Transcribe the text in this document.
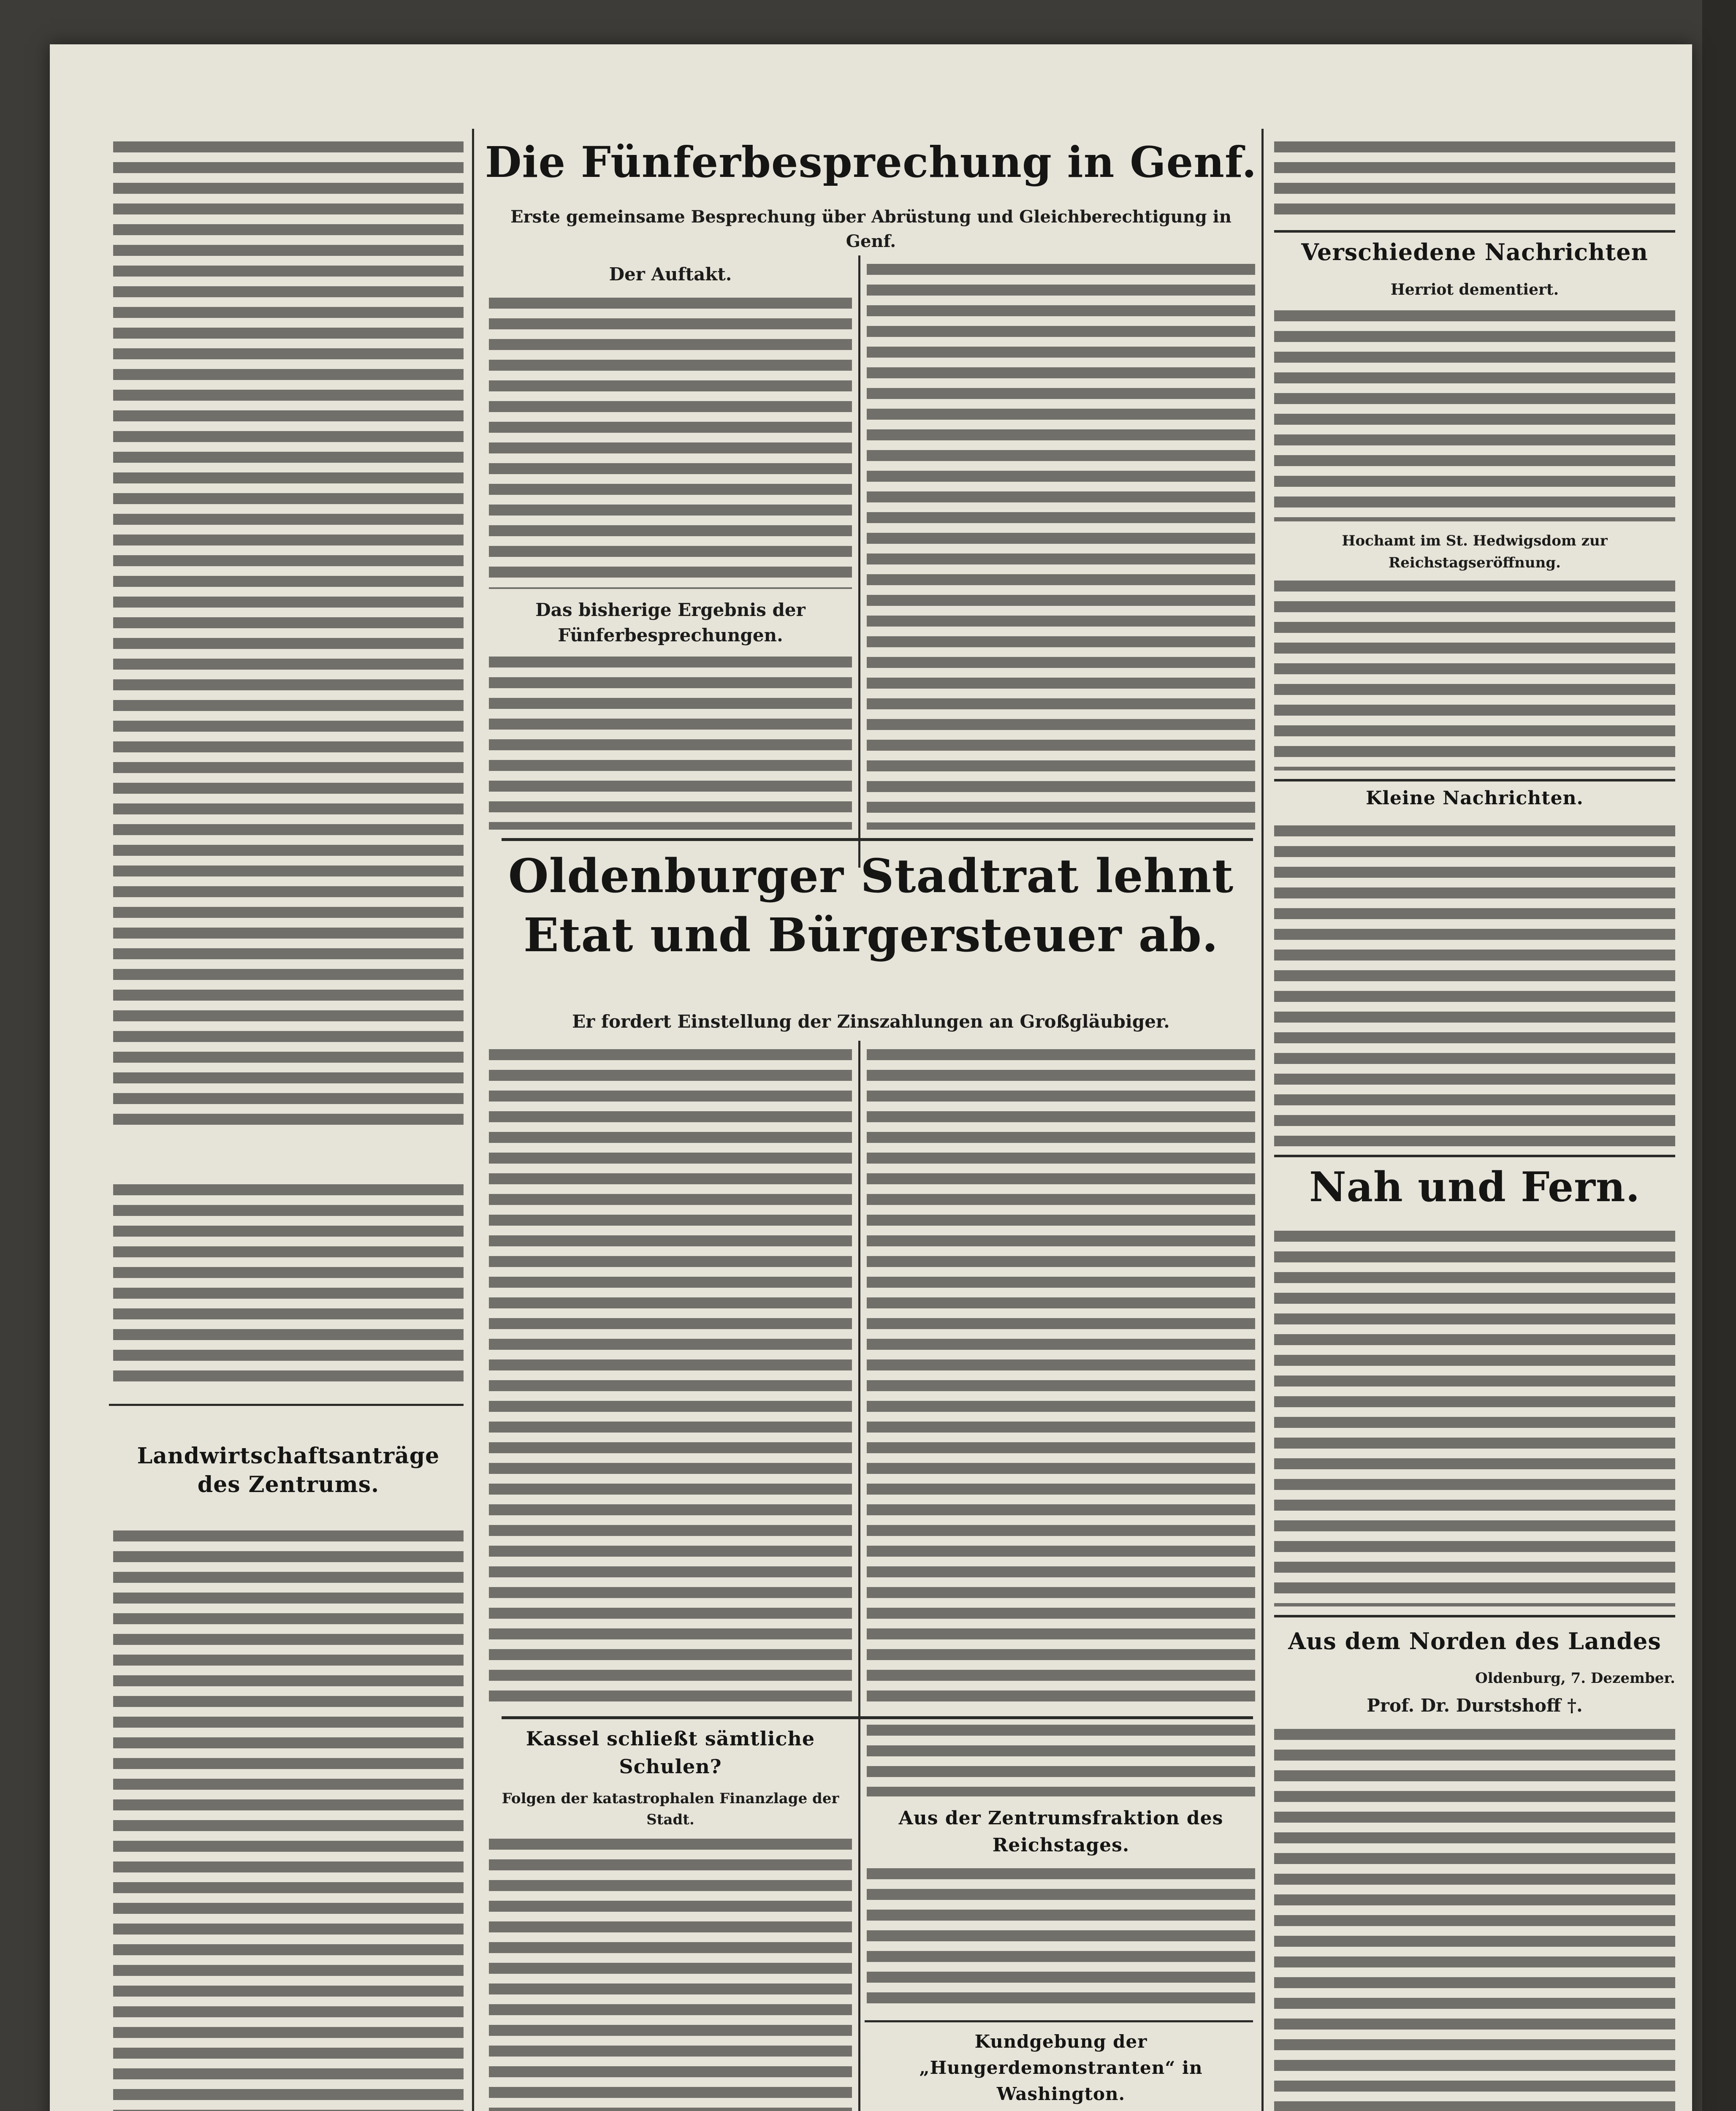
Landwirtschaftsanträge des Zentrums.
Die Fünferbesprechung in Genf.
Erste gemeinsame Besprechung über Abrüstung und Gleichberechtigung in Genf.
Der Auftakt.
Das bisherige Ergebnis der Fünferbesprechungen.
Oldenburger Stadtrat lehnt Etat und Bürgersteuer ab.
Er fordert Einstellung der Zinszahlungen an Großgläubiger.
Kassel schließt sämtliche Schulen?
Folgen der katastrophalen Finanzlage der Stadt.	Aus der Zentrumsfraktion des Reichstages.
Kundgebung der „Hungerdemonstranten“ in Washington.
Verschiedene Nachrichten
Herriot dementiert.
Hochamt im St. Hedwigsdom zur Reichstagseröffnung.
Kleine Nachrichten.
Nah und Fern.
Aus dem Norden des Landes
Oldenburg, 7. Dezember.
Prof. Dr. Durstshoff †.
